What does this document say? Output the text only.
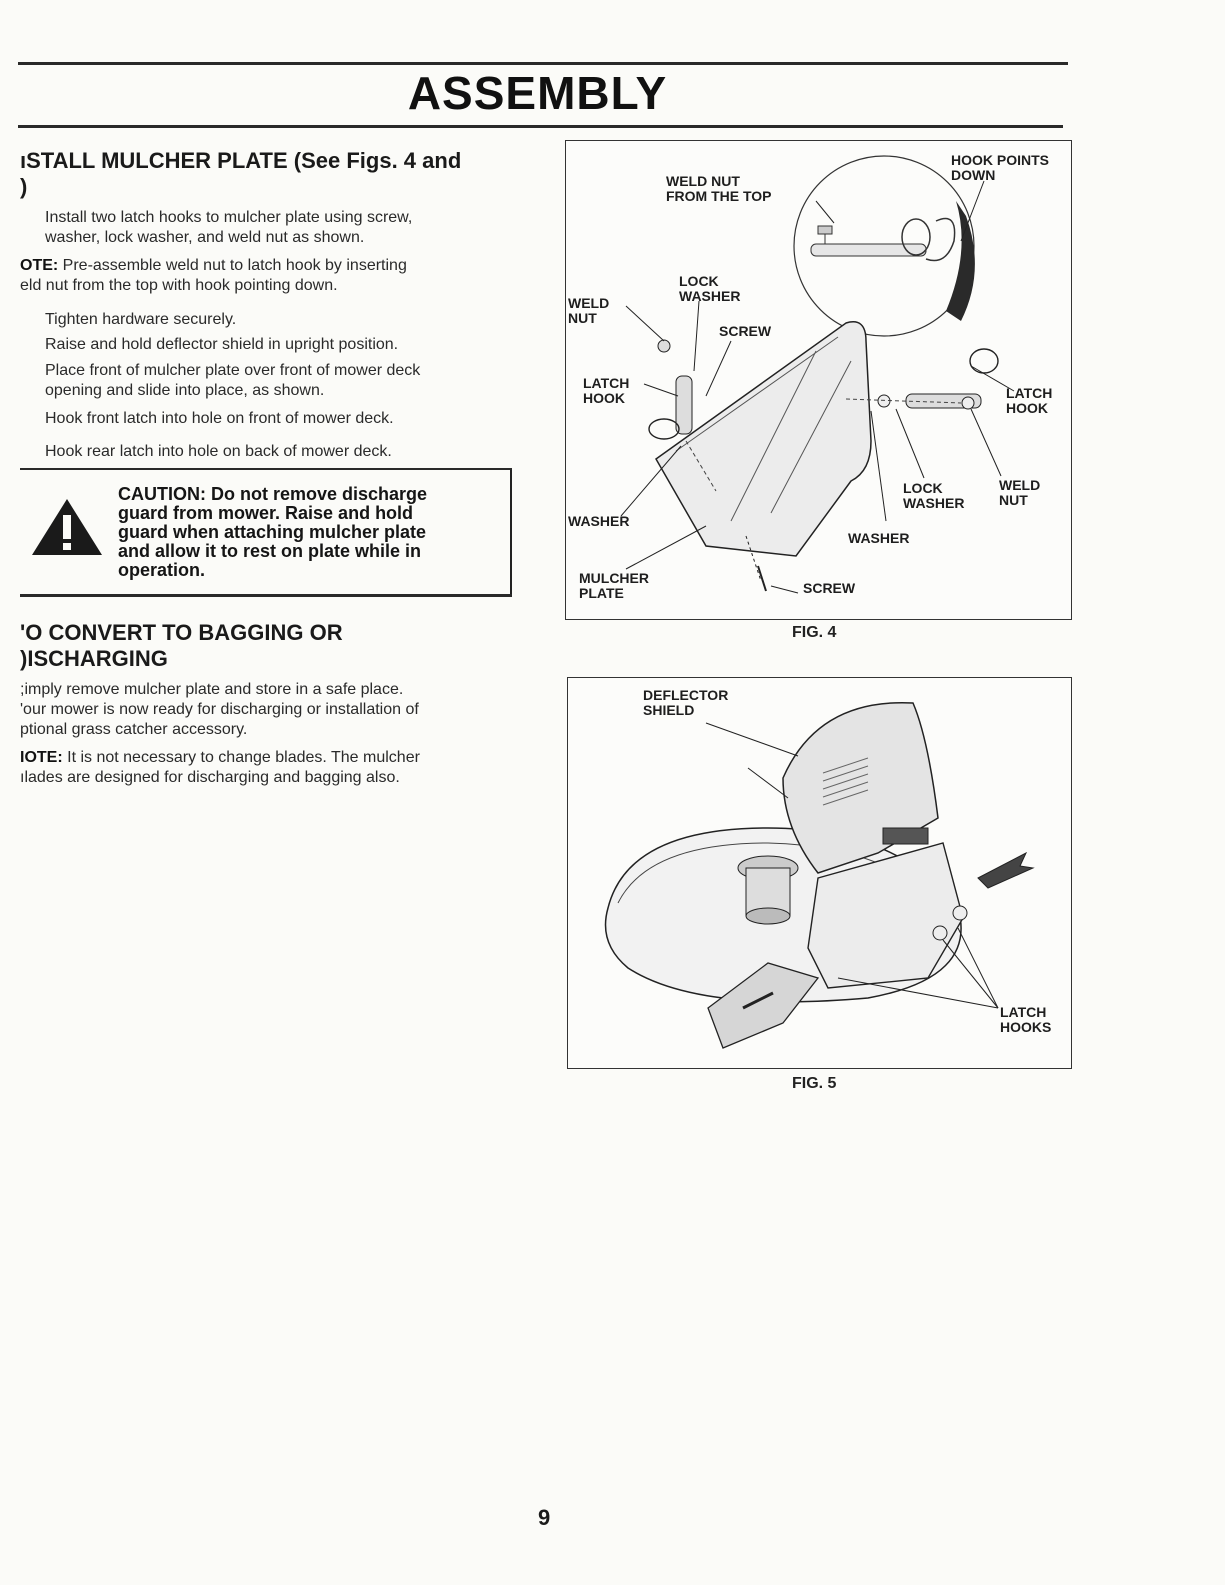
ASSEMBLY
ıSTALL MULCHER PLATE (See Figs. 4 and
)
Install two latch hooks to mulcher plate using screw,
washer, lock washer, and weld nut as shown.
OTE: Pre-assemble weld nut to latch hook by inserting
eld nut from the top with hook pointing down.
Tighten hardware securely.
Raise and hold deflector shield in upright position.
Place front of mulcher plate over front of mower deck
opening and slide into place, as shown.
Hook front latch into hole on front of mower deck.
Hook rear latch into hole on back of mower deck.
CAUTION: Do not remove discharge
guard from mower. Raise and hold
guard when attaching mulcher plate
and allow it to rest on plate while in
operation.
'O CONVERT TO BAGGING OR
)ISCHARGING
;imply remove mulcher plate and store in a safe place.
'our mower is now ready for discharging or installation of
ptional grass catcher accessory.
IOTE: It is not necessary to change blades. The mulcher
ılades are designed for discharging and bagging also.
WELD NUT
FROM THE TOP
HOOK POINTS
DOWN
LOCK
WASHER
WELD
NUT
SCREW
LATCH
HOOK	LATCH
HOOK
LOCK
WASHER
WELD
NUT
WASHER
WASHER
MULCHER
PLATE	SCREW
FIG. 4
DEFLECTOR
SHIELD
LATCH
HOOKS
FIG. 5
9
